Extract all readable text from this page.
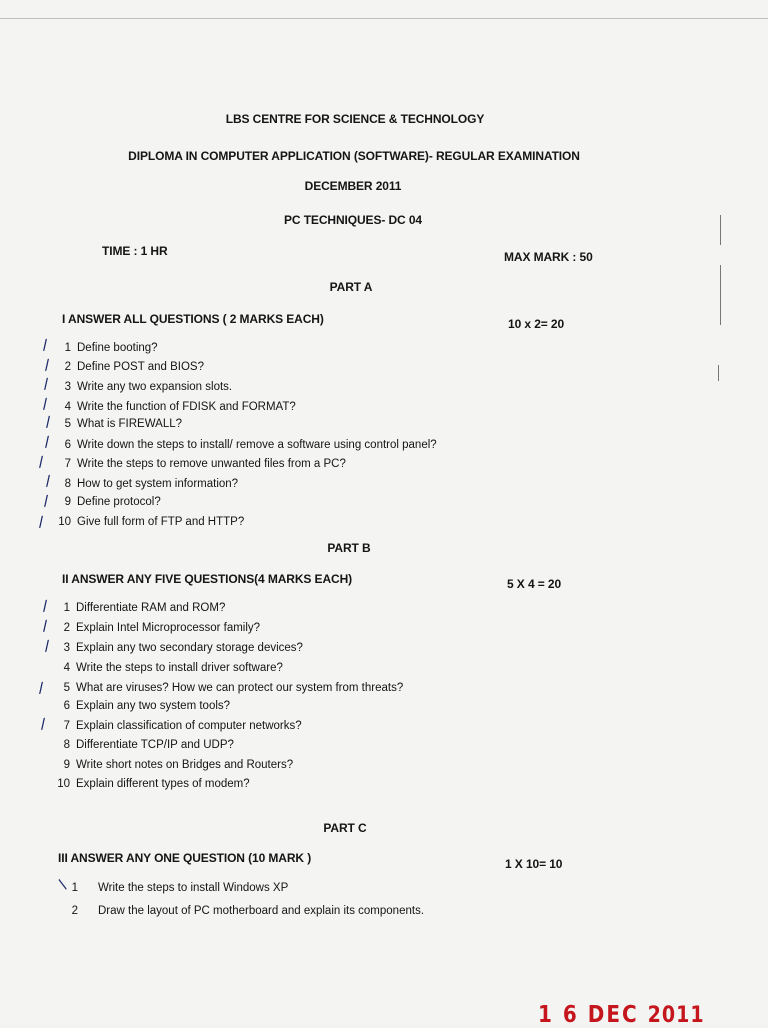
LBS CENTRE FOR SCIENCE & TECHNOLOGY
DIPLOMA IN COMPUTER APPLICATION (SOFTWARE)- REGULAR EXAMINATION
DECEMBER 2011
PC TECHNIQUES- DC 04
TIME : 1 HR	MAX MARK : 50
PART A
I ANSWER ALL QUESTIONS ( 2 MARKS EACH)	10 x 2= 20
1 Define booting?
2 Define POST and BIOS?
3 Write any two expansion slots.
4 Write the function of FDISK and FORMAT?
5 What is FIREWALL?
6 Write down the steps to install/ remove a software using control panel?
7 Write the steps to remove unwanted files from a PC?
8 How to get system information?
9 Define protocol?
10 Give full form of FTP and HTTP?
⁄
⁄
⁄
⁄
⁄
⁄
⁄
⁄
⁄
⁄
PART B
II ANSWER ANY FIVE QUESTIONS(4 MARKS EACH)	5 X 4 = 20
1 Differentiate RAM and ROM?
2 Explain Intel Microprocessor family?
3 Explain any two secondary storage devices?
4 Write the steps to install driver software?
5 What are viruses? How we can protect our system from threats?
6 Explain any two system tools?
7 Explain classification of computer networks?
8 Differentiate TCP/IP and UDP?
9 Write short notes on Bridges and Routers?
10 Explain different types of modem?
⁄
⁄
⁄
⁄
⁄
PART C
III ANSWER ANY ONE QUESTION (10 MARK )	1 X 10= 10
1 Write the steps to install Windows XP
2 Draw the layout of PC motherboard and explain its components.
⁄
1 6 DEC 2011
